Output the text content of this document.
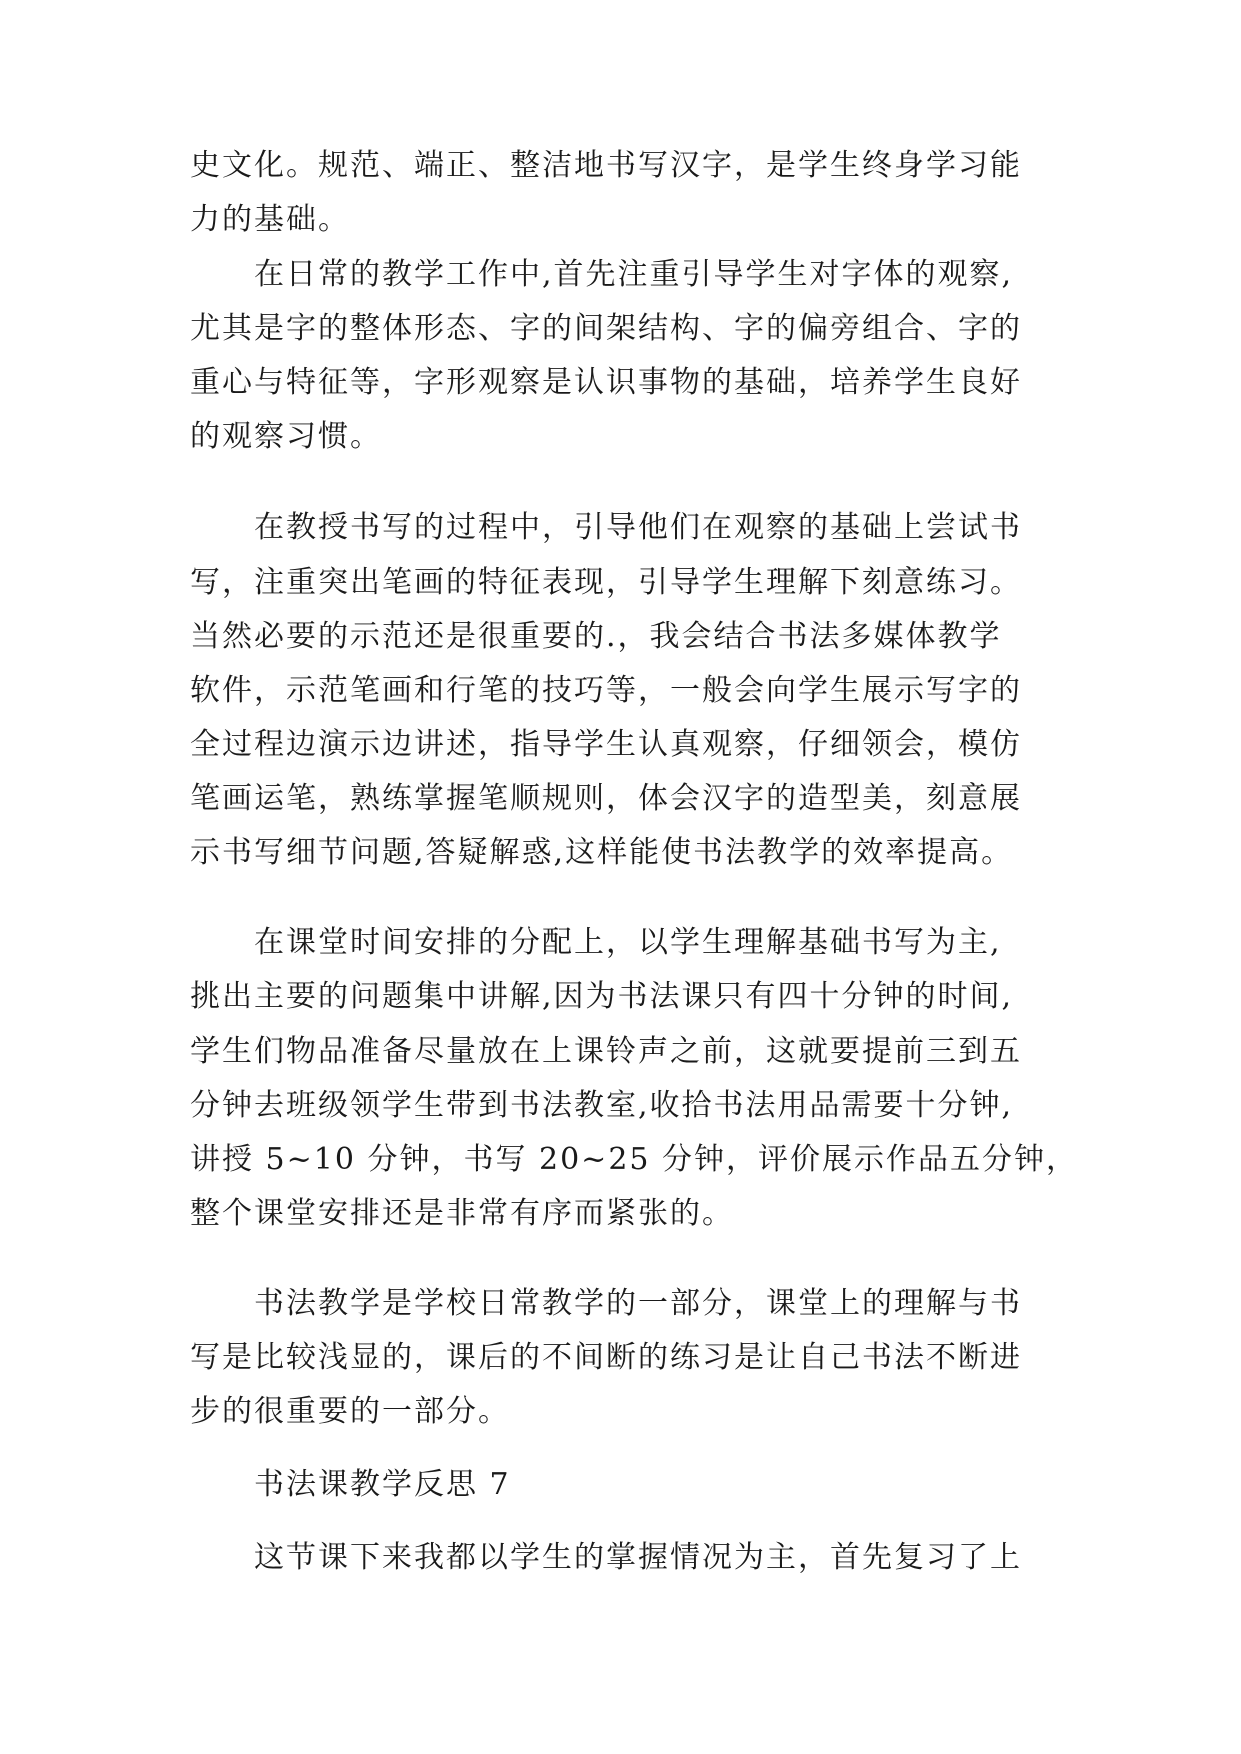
史文化。规范、端正、整洁地书写汉字，是学生终身学习能

力的基础。

在日常的教学工作中,首先注重引导学生对字体的观察,

尤其是字的整体形态、字的间架结构、字的偏旁组合、字的

重心与特征等，字形观察是认识事物的基础，培养学生良好

的观察习惯。

在教授书写的过程中，引导他们在观察的基础上尝试书

写，注重突出笔画的特征表现，引导学生理解下刻意练习。

当然必要的示范还是很重要的.，我会结合书法多媒体教学

软件，示范笔画和行笔的技巧等，一般会向学生展示写字的

全过程边演示边讲述，指导学生认真观察，仔细领会，模仿

笔画运笔，熟练掌握笔顺规则，体会汉字的造型美，刻意展

示书写细节问题,答疑解惑,这样能使书法教学的效率提高。

在课堂时间安排的分配上，以学生理解基础书写为主,

挑出主要的问题集中讲解,因为书法课只有四十分钟的时间,

学生们物品准备尽量放在上课铃声之前，这就要提前三到五

分钟去班级领学生带到书法教室,收拾书法用品需要十分钟,

讲授 5~10 分钟，书写 20~25 分钟，评价展示作品五分钟，

整个课堂安排还是非常有序而紧张的。

书法教学是学校日常教学的一部分，课堂上的理解与书

写是比较浅显的，课后的不间断的练习是让自己书法不断进

步的很重要的一部分。

书法课教学反思 7

这节课下来我都以学生的掌握情况为主，首先复习了上
